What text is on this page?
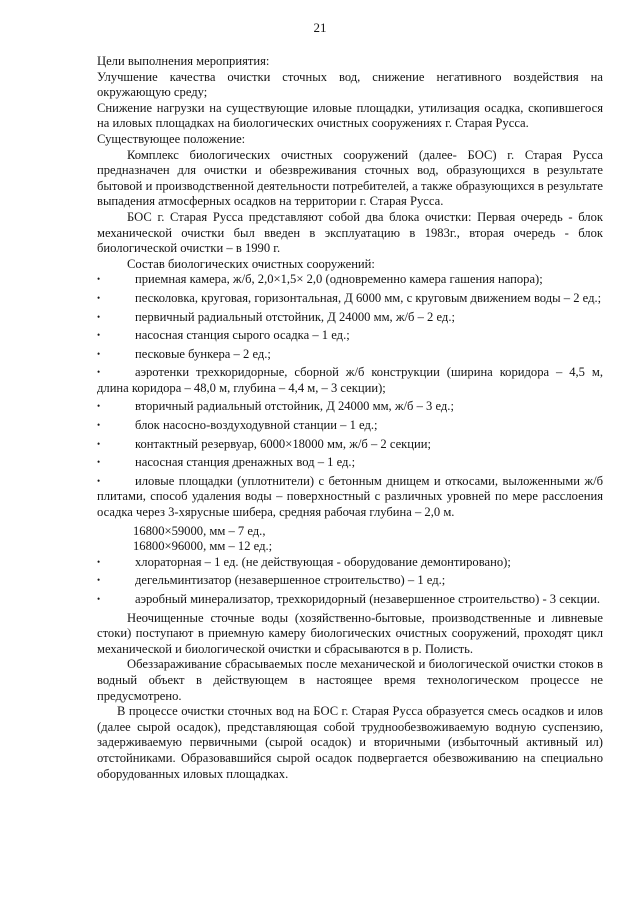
21

Цели выполнения мероприятия:

Улучшение качества очистки сточных вод, снижение негативного воздействия на окружающую среду;

Снижение нагрузки на существующие иловые площадки, утилизация осадка, скопившегося на иловых площадках на биологических очистных сооружениях г. Старая Русса.

Существующее положение:

Комплекс биологических очистных сооружений (далее- БОС) г. Старая Русса предназначен для очистки и обезвреживания сточных вод, образующихся в результате бытовой и производственной деятельности потребителей, а также образующихся в результате выпадения атмосферных осадков на территории г. Старая Русса.

БОС г. Старая Русса представляют собой два блока очистки: Первая очередь - блок механической очистки был введен в эксплуатацию в 1983г., вторая очередь - блок биологической очистки – в 1990 г.

Состав биологических очистных сооружений:

•	приемная камера, ж/б, 2,0×1,5× 2,0 (одновременно камера гашения напора);
•	песколовка, круговая, горизонтальная, Д 6000 мм, с круговым движением воды – 2 ед.;
•	первичный радиальный отстойник, Д 24000 мм, ж/б – 2 ед.;
•	насосная станция сырого осадка – 1 ед.;
•	песковые бункера – 2 ед.;
•	аэротенки трехкоридорные, сборной ж/б конструкции (ширина коридора – 4,5 м, длина коридора – 48,0 м, глубина – 4,4 м, – 3 секции);
•	вторичный радиальный отстойник, Д 24000 мм, ж/б – 3 ед.;
•	блок насосно-воздуходувной станции – 1 ед.;
•	контактный резервуар, 6000×18000 мм, ж/б – 2 секции;
•	насосная станция дренажных вод – 1 ед.;
•	иловые площадки (уплотнители) с бетонным днищем и откосами, выложенными ж/б плитами, способ удаления воды – поверхностный с различных уровней по мере расслоения осадка через 3-хярусные шибера, средняя рабочая глубина – 2,0 м.

16800×59000, мм – 7 ед.,

16800×96000, мм – 12 ед.;

•	хлораторная – 1 ед. (не действующая - оборудование демонтировано);
•	дегельминтизатор (незавершенное строительство) – 1 ед.;
•	аэробный минерализатор, трехкоридорный (незавершенное строительство) - 3 секции.

Неочищенные сточные воды (хозяйственно-бытовые, производственные и ливневые стоки) поступают в приемную камеру биологических очистных сооружений, проходят цикл механической и биологической очистки и сбрасываются в р. Полисть.

Обеззараживание сбрасываемых после механической и биологической очистки стоков в водный объект в действующем в настоящее время технологическом процессе не предусмотрено.

В процессе очистки сточных вод на БОС г. Старая Русса образуется смесь осадков и илов (далее сырой осадок), представляющая собой труднообезвоживаемую водную суспензию, задерживаемую первичными (сырой осадок) и вторичными (избыточный активный ил) отстойниками. Образовавшийся сырой осадок подвергается обезвоживанию на специально оборудованных иловых площадках.
